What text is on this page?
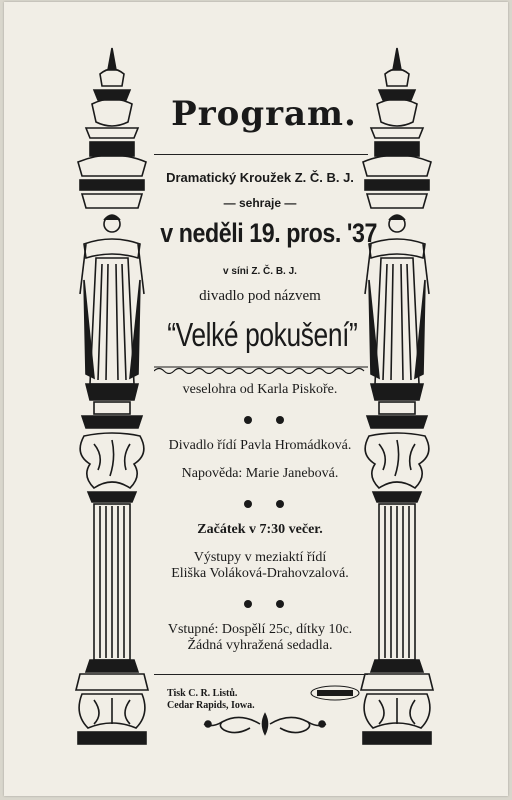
Program.
Dramatický Kroužek Z. Č. B. J.
— sehraje —
v neděli 19. pros. '37
v síni Z. Č. B. J.
divadlo pod názvem
“Velké pokušení”
veselohra od Karla Piskoře.
Divadlo řídí Pavla Hromádková.
Napověda: Marie Janebová.
Začátek v 7:30 večer.
Výstupy v meziaktí řídí
Eliška Voláková-Drahovzalová.
Vstupné: Dospělí 25c, dítky 10c.
Žádná vyhražená sedadla.
Tisk C. R. Listů.
Cedar Rapids, Iowa.
